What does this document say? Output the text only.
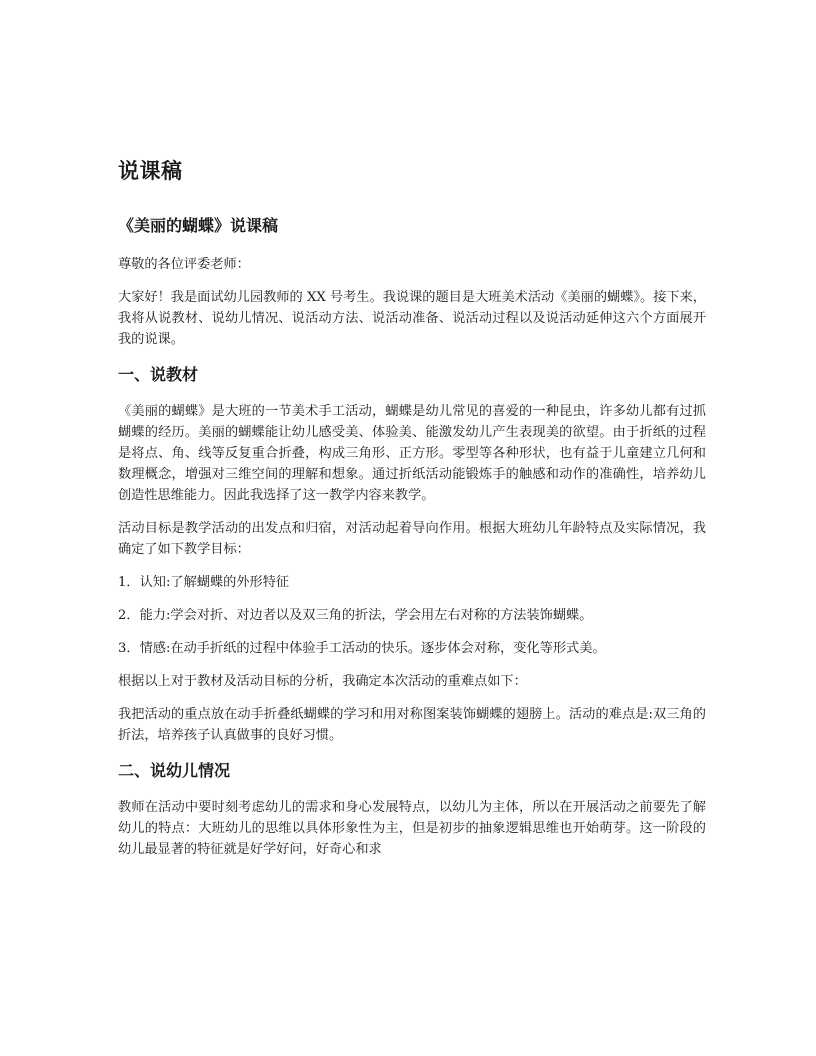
说课稿
《美丽的蝴蝶》说课稿

尊敬的各位评委老师：

大家好！我是面试幼儿园教师的 XX 号考生。我说课的题目是大班美术活动《美丽的蝴蝶》。接下来，我将从说教材、说幼儿情况、说活动方法、说活动准备、说活动过程以及说活动延伸这六个方面展开我的说课。

一、说教材

《美丽的蝴蝶》是大班的一节美术手工活动，蝴蝶是幼儿常见的喜爱的一种昆虫，许多幼儿都有过抓蝴蝶的经历。美丽的蝴蝶能让幼儿感受美、体验美、能激发幼儿产生表现美的欲望。由于折纸的过程是将点、角、线等反复重合折叠，构成三角形、正方形。零型等各种形状，也有益于儿童建立几何和数理概念，增强对三维空间的理解和想象。通过折纸活动能锻炼手的触感和动作的准确性，培养幼儿创造性思维能力。因此我选择了这一教学内容来教学。

活动目标是教学活动的出发点和归宿，对活动起着导向作用。根据大班幼儿年龄特点及实际情况，我确定了如下教学目标：

1．认知:了解蝴蝶的外形特征

2．能力:学会对折、对边者以及双三角的折法，学会用左右对称的方法装饰蝴蝶。

3．情感:在动手折纸的过程中体验手工活动的快乐。逐步体会对称，变化等形式美。

根据以上对于教材及活动目标的分析，我确定本次活动的重难点如下：

我把活动的重点放在动手折叠纸蝴蝶的学习和用对称图案装饰蝴蝶的翅膀上。活动的难点是:双三角的折法，培养孩子认真做事的良好习惯。

二、说幼儿情况

教师在活动中要时刻考虑幼儿的需求和身心发展特点，以幼儿为主体，所以在开展活动之前要先了解幼儿的特点：大班幼儿的思维以具体形象性为主，但是初步的抽象逻辑思维也开始萌芽。这一阶段的幼儿最显著的特征就是好学好问，好奇心和求
